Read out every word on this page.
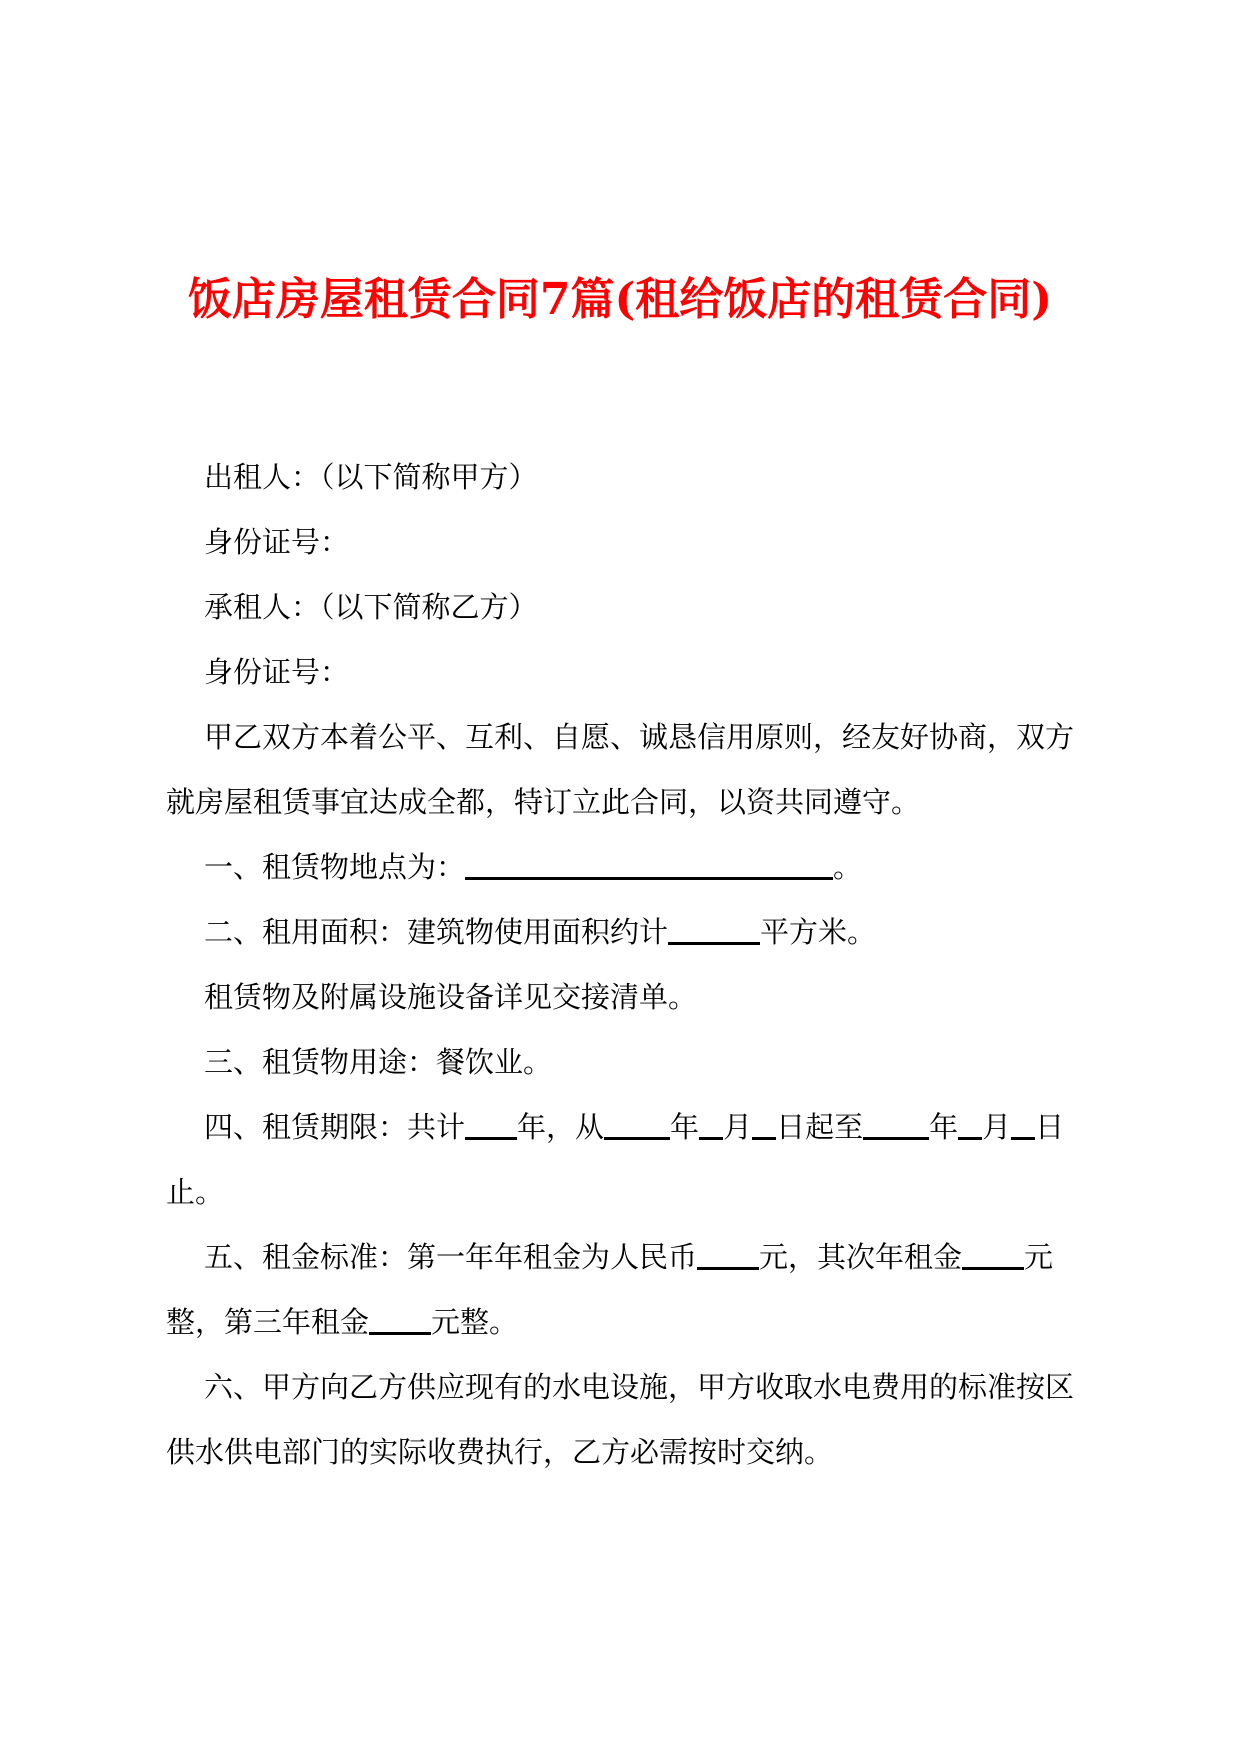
饭店房屋租赁合同7篇(租给饭店的租赁合同)

出租人：（以下简称甲方）

身份证号：

承租人：（以下简称乙方）

身份证号：

甲乙双方本着公平、互利、自愿、诚恳信用原则，经友好协商，双方就房屋租赁事宜达成全都，特订立此合同，以资共同遵守。

一、租赁物地点为：	。

二、租用面积：建筑物使用面积约计	平方米。

租赁物及附属设施设备详见交接清单。

三、租赁物用途：餐饮业。

四、租赁期限：共计 年，从 年 月 日起至 年 月 日止。

五、租金标准：第一年年租金为人民币 元，其次年租金 元整，第三年租金 元整。

六、甲方向乙方供应现有的水电设施，甲方收取水电费用的标准按区供水供电部门的实际收费执行，乙方必需按时交纳。
